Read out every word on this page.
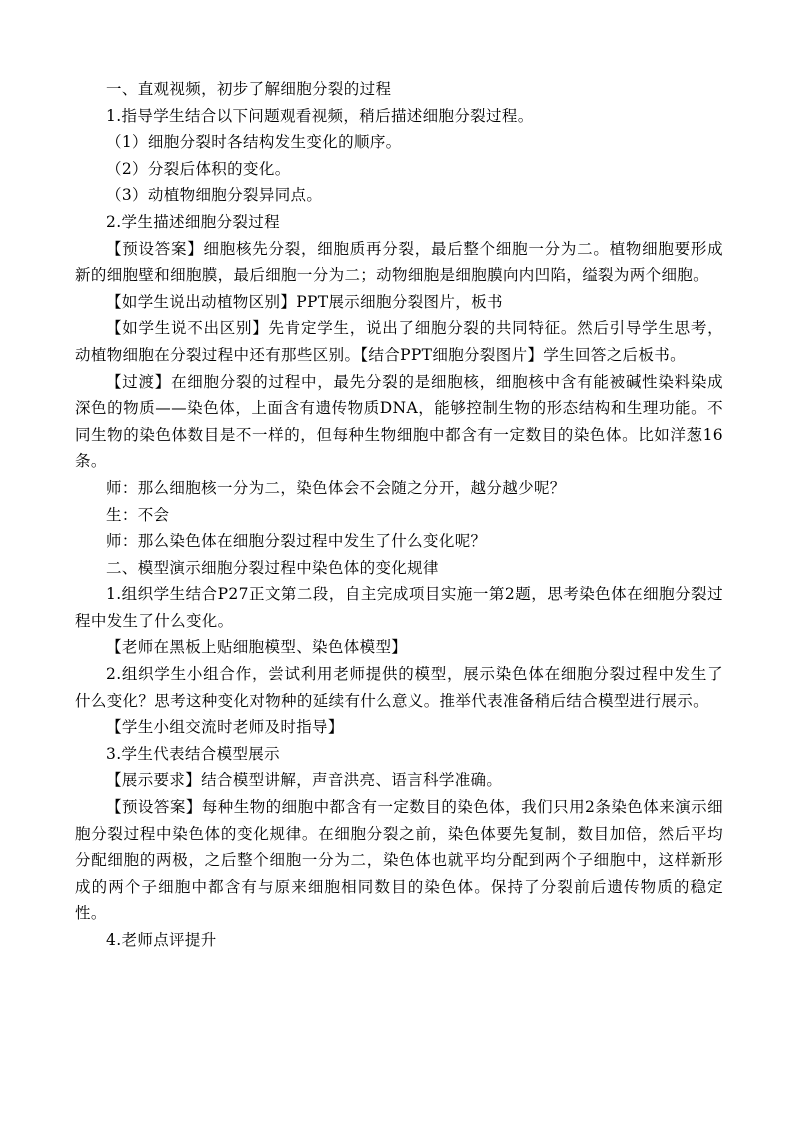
一、直观视频，初步了解细胞分裂的过程

1.指导学生结合以下问题观看视频，稍后描述细胞分裂过程。

（1）细胞分裂时各结构发生变化的顺序。

（2）分裂后体积的变化。

（3）动植物细胞分裂异同点。

2.学生描述细胞分裂过程

【预设答案】细胞核先分裂，细胞质再分裂，最后整个细胞一分为二。植物细胞要形成新的细胞壁和细胞膜，最后细胞一分为二；动物细胞是细胞膜向内凹陷，缢裂为两个细胞。

【如学生说出动植物区别】PPT展示细胞分裂图片，板书

【如学生说不出区别】先肯定学生，说出了细胞分裂的共同特征。然后引导学生思考，动植物细胞在分裂过程中还有那些区别。【结合PPT细胞分裂图片】学生回答之后板书。

【过渡】在细胞分裂的过程中，最先分裂的是细胞核，细胞核中含有能被碱性染料染成深色的物质——染色体，上面含有遗传物质DNA，能够控制生物的形态结构和生理功能。不同生物的染色体数目是不一样的，但每种生物细胞中都含有一定数目的染色体。比如洋葱16条。

师：那么细胞核一分为二，染色体会不会随之分开，越分越少呢？

生：不会

师：那么染色体在细胞分裂过程中发生了什么变化呢？

二、模型演示细胞分裂过程中染色体的变化规律

1.组织学生结合P27正文第二段，自主完成项目实施一第2题，思考染色体在细胞分裂过程中发生了什么变化。

【老师在黑板上贴细胞模型、染色体模型】

2.组织学生小组合作，尝试利用老师提供的模型，展示染色体在细胞分裂过程中发生了什么变化？思考这种变化对物种的延续有什么意义。推举代表准备稍后结合模型进行展示。

【学生小组交流时老师及时指导】

3.学生代表结合模型展示

【展示要求】结合模型讲解，声音洪亮、语言科学准确。

【预设答案】每种生物的细胞中都含有一定数目的染色体，我们只用2条染色体来演示细胞分裂过程中染色体的变化规律。在细胞分裂之前，染色体要先复制，数目加倍，然后平均分配细胞的两极，之后整个细胞一分为二，染色体也就平均分配到两个子细胞中，这样新形成的两个子细胞中都含有与原来细胞相同数目的染色体。保持了分裂前后遗传物质的稳定性。

4.老师点评提升
